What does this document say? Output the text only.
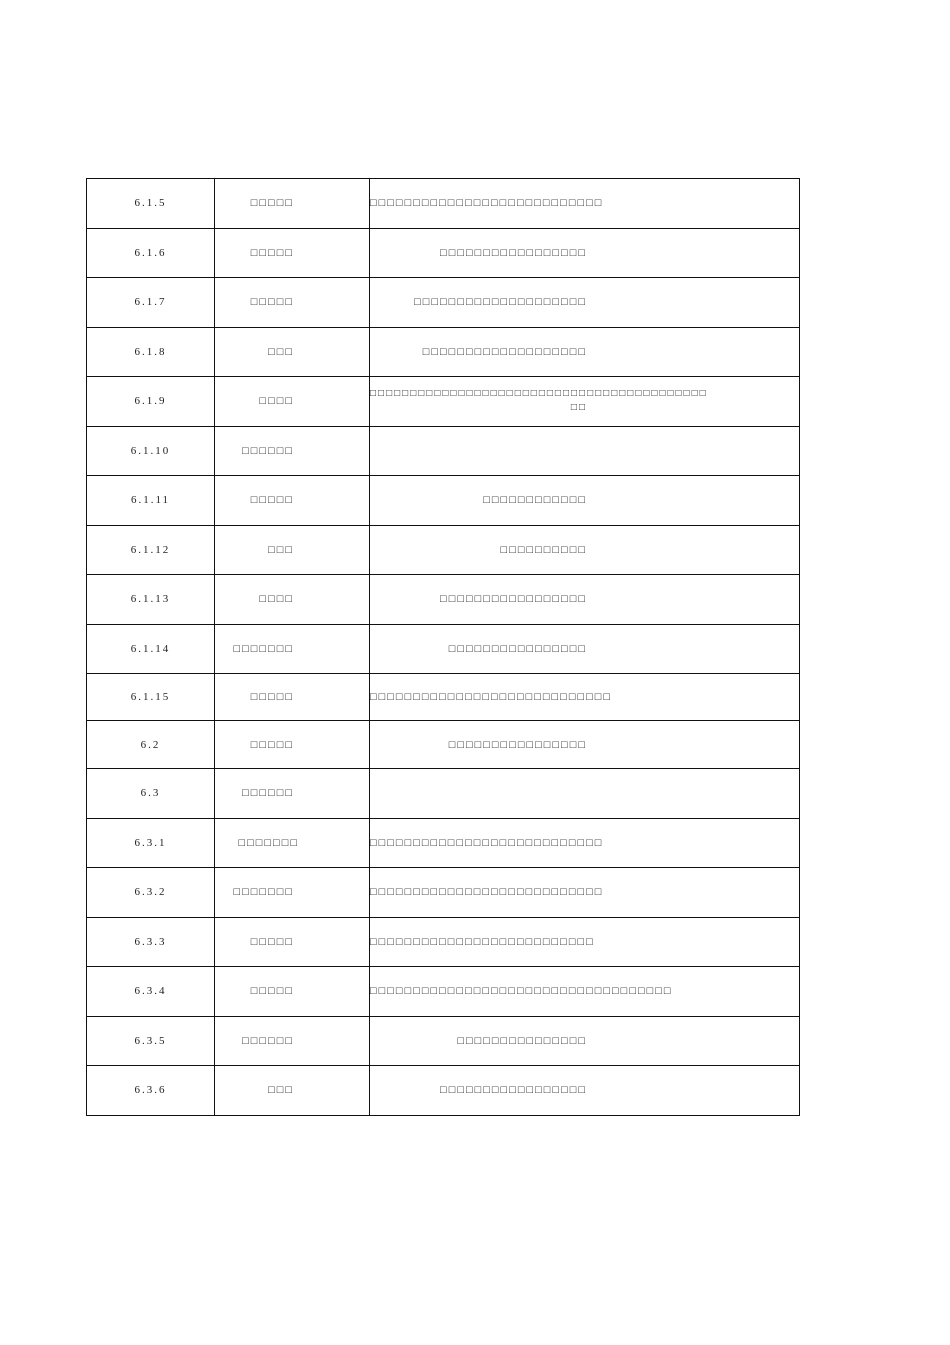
6.1.5	□□□□□	□□□□□□□□□□□□□□□□□□□□□□□□□□□
6.1.6	□□□□□	□□□□□□□□□□□□□□□□□
6.1.7	□□□□□	□□□□□□□□□□□□□□□□□□□□
6.1.8	□□□	□□□□□□□□□□□□□□□□□□□
6.1.9	□□□□	□□□□□□□□□□□□□□□□□□□□□□□□□□□□□□□□□□□□□□□□□□ □□
6.1.10	□□□□□□	
6.1.11	□□□□□	□□□□□□□□□□□□
6.1.12	□□□	□□□□□□□□□□
6.1.13	□□□□	□□□□□□□□□□□□□□□□□
6.1.14	□□□□□□□	□□□□□□□□□□□□□□□□
6.1.15	□□□□□	□□□□□□□□□□□□□□□□□□□□□□□□□□□□
6.2	□□□□□	□□□□□□□□□□□□□□□□
6.3	□□□□□□	
6.3.1	□□□□□□□	□□□□□□□□□□□□□□□□□□□□□□□□□□□
6.3.2	□□□□□□□	□□□□□□□□□□□□□□□□□□□□□□□□□□□
6.3.3	□□□□□	□□□□□□□□□□□□□□□□□□□□□□□□□□
6.3.4	□□□□□	□□□□□□□□□□□□□□□□□□□□□□□□□□□□□□□□□□□
6.3.5	□□□□□□	□□□□□□□□□□□□□□□
6.3.6	□□□	□□□□□□□□□□□□□□□□□
